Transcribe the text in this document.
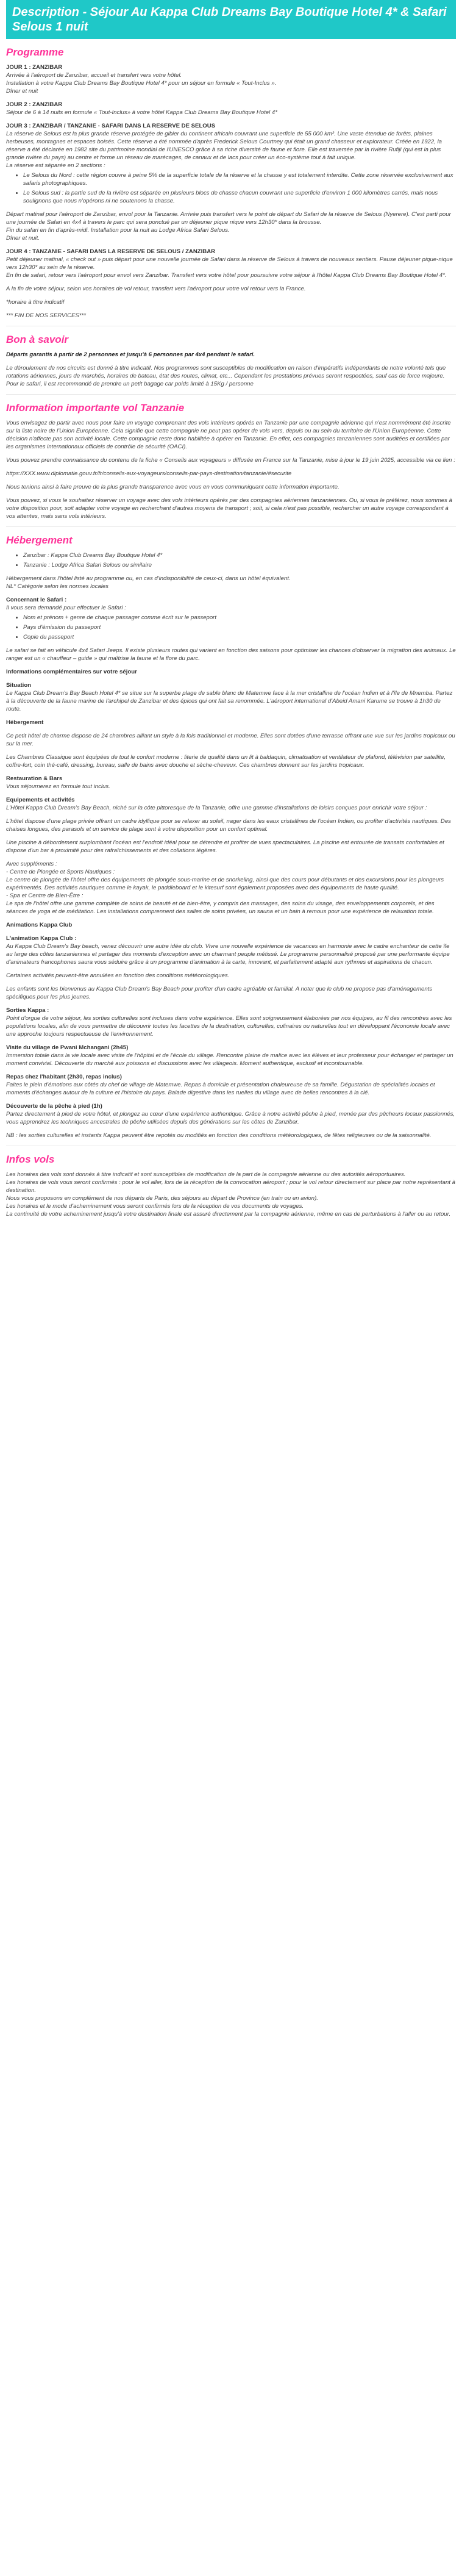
Description - Séjour Au Kappa Club Dreams Bay Boutique Hotel 4* & Safari Selous 1 nuit
Programme

JOUR 1 : ZANZIBAR
Arrivée à l'aéroport de Zanzibar, accueil et transfert vers votre hôtel.
Installation à votre Kappa Club Dreams Bay Boutique Hotel 4* pour un séjour en formule « Tout-Inclus ».
Dîner et nuit

JOUR 2 : ZANZIBAR
Séjour de 6 à 14 nuits en formule « Tout-Inclus» à votre hôtel Kappa Club Dreams Bay Boutique Hotel 4*

JOUR 3 : ZANZIBAR / TANZANIE - SAFARI DANS LA RESERVE DE SELOUS
La réserve de Selous est la plus grande réserve protégée de gibier du continent africain couvrant une superficie de 55 000 km². Une vaste étendue de forêts, plaines herbeuses, montagnes et espaces boisés. Cette réserve a été nommée d'après Frederick Selous Courtney qui était un grand chasseur et explorateur. Créée en 1922, la réserve a été déclarée en 1982 site du patrimoine mondial de l'UNESCO grâce à sa riche diversité de faune et flore. Elle est traversée par la rivière Rufiji (qui est la plus grande rivière du pays) au centre et forme un réseau de marécages, de canaux et de lacs pour créer un éco-système tout à fait unique.
La réserve est séparée en 2 sections :

• Le Selous du Nord : cette région couvre à peine 5% de la superficie totale de la réserve et la chasse y est totalement interdite. Cette zone réservée exclusivement aux safaris photographiques.
• Le Selous sud : la partie sud de la rivière est séparée en plusieurs blocs de chasse chacun couvrant une superficie d'environ 1 000 kilomètres carrés, mais nous soulignons que nous n'opérons ni ne soutenons la chasse.

Départ matinal pour l'aéroport de Zanzibar, envol pour la Tanzanie. Arrivée puis transfert vers le point de départ du Safari de la réserve de Selous (Nyerere). C'est parti pour une journée de Safari en 4x4 à travers le parc qui sera ponctué par un déjeuner pique nique vers 12h30* dans la brousse.
Fin du safari en fin d'après-midi. Installation pour la nuit au Lodge Africa Safari Selous.
Dîner et nuit.

JOUR 4 : TANZANIE - SAFARI DANS LA RESERVE DE SELOUS / ZANZIBAR
Petit déjeuner matinal, « check out » puis départ pour une nouvelle journée de Safari dans la réserve de Selous à travers de nouveaux sentiers. Pause déjeuner pique-nique vers 12h30* au sein de la réserve.
En fin de safari, retour vers l'aéroport pour envol vers Zanzibar. Transfert vers votre hôtel pour poursuivre votre séjour à l'hôtel Kappa Club Dreams Bay Boutique Hotel 4*.

A la fin de votre séjour, selon vos horaires de vol retour, transfert vers l'aéroport pour votre vol retour vers la France.

*horaire à titre indicatif

*** FIN DE NOS SERVICES***

Bon à savoir

Départs garantis à partir de 2 personnes et jusqu'à 6 personnes par 4x4 pendant le safari.

Le déroulement de nos circuits est donné à titre indicatif. Nos programmes sont susceptibles de modification en raison d'impératifs indépendants de notre volonté tels que rotations aériennes, jours de marchés, horaires de bateau, état des routes, climat, etc... Cependant les prestations prévues seront respectées, sauf cas de force majeure.
Pour le safari, il est recommandé de prendre un petit bagage car poids limité à 15Kg / personne

Information importante vol Tanzanie

Vous envisagez de partir avec nous pour faire un voyage comprenant des vols intérieurs opérés en Tanzanie par une compagnie aérienne qui n'est nommément été inscrite sur la liste noire de l'Union Européenne. Cela signifie que cette compagnie ne peut pas opérer de vols vers, depuis ou au sein du territoire de l'Union Européenne. Cette décision n'affecte pas son activité locale. Cette compagnie reste donc habilitée à opérer en Tanzanie. En effet, ces compagnies tanzaniennes sont auditées et certifiées par les organismes internationaux officiels de contrôle de sécurité (OACI).

Vous pouvez prendre connaissance du contenu de la fiche « Conseils aux voyageurs » diffusée en France sur la Tanzanie, mise à jour le 19 juin 2025, accessible via ce lien :

https://XXX.www.diplomatie.gouv.fr/fr/conseils-aux-voyageurs/conseils-par-pays-destination/tanzanie/#securite

Nous tenions ainsi à faire preuve de la plus grande transparence avec vous en vous communiquant cette information importante.

Vous pouvez, si vous le souhaitez réserver un voyage avec des vols intérieurs opérés par des compagnies aériennes tanzaniennes. Ou, si vous le préférez, nous sommes à votre disposition pour, soit adapter votre voyage en recherchant d'autres moyens de transport ; soit, si cela n'est pas possible, rechercher un autre voyage correspondant à vos attentes, mais sans vols intérieurs.

Hébergement
• Zanzibar : Kappa Club Dreams Bay Boutique Hotel 4*
• Tanzanie : Lodge Africa Safari Selous ou similaire

Hébergement dans l'hôtel listé au programme ou, en cas d'indisponibilité de ceux-ci, dans un hôtel équivalent.
NL* Catégorie selon les normes locales

Concernant le Safari :
Il vous sera demandé pour effectuer le Safari :

• Nom et prénom + genre de chaque passager comme écrit sur le passeport
• Pays d'émission du passeport
• Copie du passeport

Le safari se fait en véhicule 4x4 Safari Jeeps. Il existe plusieurs routes qui varient en fonction des saisons pour optimiser les chances d'observer la migration des animaux. Le ranger est un « chauffeur – guide » qui maîtrise la faune et la flore du parc.

Informations complémentaires sur votre séjour

Situation
Le Kappa Club Dream's Bay Beach Hotel 4* se situe sur la superbe plage de sable blanc de Matemwe face à la mer cristalline de l'océan Indien et à l'île de Mnemba. Partez à la découverte de la faune marine de l'archipel de Zanzibar et des épices qui ont fait sa renommée. L'aéroport international d'Abeid Amani Karume se trouve à 1h30 de route.

Hébergement

Ce petit hôtel de charme dispose de 24 chambres alliant un style à la fois traditionnel et moderne. Elles sont dotées d'une terrasse offrant une vue sur les jardins tropicaux ou sur la mer.

Les Chambres Classique sont équipées de tout le confort moderne : literie de qualité dans un lit à baldaquin, climatisation et ventilateur de plafond, télévision par satellite, coffre-fort, coin thé-café, dressing, bureau, salle de bains avec douche et sèche-cheveux. Ces chambres donnent sur les jardins tropicaux.

Restauration & Bars
Vous séjournerez en formule tout inclus.

Equipements et activités
L'Hôtel Kappa Club Dream's Bay Beach, niché sur la côte pittoresque de la Tanzanie, offre une gamme d'installations de loisirs conçues pour enrichir votre séjour :

L'hôtel dispose d'une plage privée offrant un cadre idyllique pour se relaxer au soleil, nager dans les eaux cristallines de l'océan Indien, ou profiter d'activités nautiques. Des chaises longues, des parasols et un service de plage sont à votre disposition pour un confort optimal.

Une piscine à débordement surplombant l'océan est l'endroit idéal pour se détendre et profiter de vues spectaculaires. La piscine est entourée de transats confortables et dispose d'un bar à proximité pour des rafraîchissements et des collations légères.

Avec suppléments :
- Centre de Plongée et Sports Nautiques :
Le centre de plongée de l'hôtel offre des équipements de plongée sous-marine et de snorkeling, ainsi que des cours pour débutants et des excursions pour les plongeurs expérimentés. Des activités nautiques comme le kayak, le paddleboard et le kitesurf sont également proposées avec des équipements de haute qualité.
- Spa et Centre de Bien-Être :
Le spa de l'hôtel offre une gamme complète de soins de beauté et de bien-être, y compris des massages, des soins du visage, des enveloppements corporels, et des séances de yoga et de méditation. Les installations comprennent des salles de soins privées, un sauna et un bain à remous pour une expérience de relaxation totale.

Animations Kappa Club

L'animation Kappa Club :
Au Kappa Club Dream's Bay beach, venez découvrir une autre idée du club. Vivre une nouvelle expérience de vacances en harmonie avec le cadre enchanteur de cette île au large des côtes tanzaniennes et partager des moments d'exception avec un charmant peuple métissé. Le programme personnalisé proposé par une performante équipe d'animateurs francophones saura vous séduire grâce à un programme d'animation à la carte, innovant, et parfaitement adapté aux rythmes et aspirations de chacun.

Certaines activités peuvent-être annulées en fonction des conditions météorologiques.

Les enfants sont les bienvenus au Kappa Club Dream's Bay Beach pour profiter d'un cadre agréable et familial. A noter que le club ne propose pas d'aménagements spécifiques pour les plus jeunes.

Sorties Kappa :
Point d'orgue de votre séjour, les sorties culturelles sont incluses dans votre expérience. Elles sont soigneusement élaborées par nos équipes, au fil des rencontres avec les populations locales, afin de vous permettre de découvrir toutes les facettes de la destination, culturelles, culinaires ou naturelles tout en développant l'économie locale avec une approche toujours respectueuse de l'environnement.

Visite du village de Pwani Mchangani (2h45)
Immersion totale dans la vie locale avec visite de l'hôpital et de l'école du village. Rencontre plaine de malice avec les élèves et leur professeur pour échanger et partager un moment convivial. Découverte du marché aux poissons et discussions avec les villageois. Moment authentique, exclusif et incontournable.

Repas chez l'habitant (2h30, repas inclus)
Faites le plein d'émotions aux côtés du chef de village de Matemwe. Repas à domicile et présentation chaleureuse de sa famille. Dégustation de spécialités locales et moments d'échanges autour de la culture et l'histoire du pays. Balade digestive dans les ruelles du village avec de belles rencontres à la clé.

Découverte de la pêche à pied (1h)
Partez directement à pied de votre hôtel, et plongez au cœur d'une expérience authentique. Grâce à notre activité pêche à pied, menée par des pêcheurs locaux passionnés, vous apprendrez les techniques ancestrales de pêche utilisées depuis des générations sur les côtes de Zanzibar.

NB : les sorties culturelles et instants Kappa peuvent être repotés ou modifiés en fonction des conditions météorologiques, de fêtes religieuses ou de la saisonnalité.

Infos vols

Les horaires des vols sont donnés à titre indicatif et sont susceptibles de modification de la part de la compagnie aérienne ou des autorités aéroportuaires.
Les horaires de vols vous seront confirmés : pour le vol aller, lors de la réception de la convocation aéroport ; pour le vol retour directement sur place par notre représentant à destination.
Nous vous proposons en complément de nos départs de Paris, des séjours au départ de Province (en train ou en avion).
Les horaires et le mode d'acheminement vous seront confirmés lors de la réception de vos documents de voyages.
La continuité de votre acheminement jusqu'à votre destination finale est assuré directement par la compagnie aérienne, même en cas de perturbations à l'aller ou au retour.
